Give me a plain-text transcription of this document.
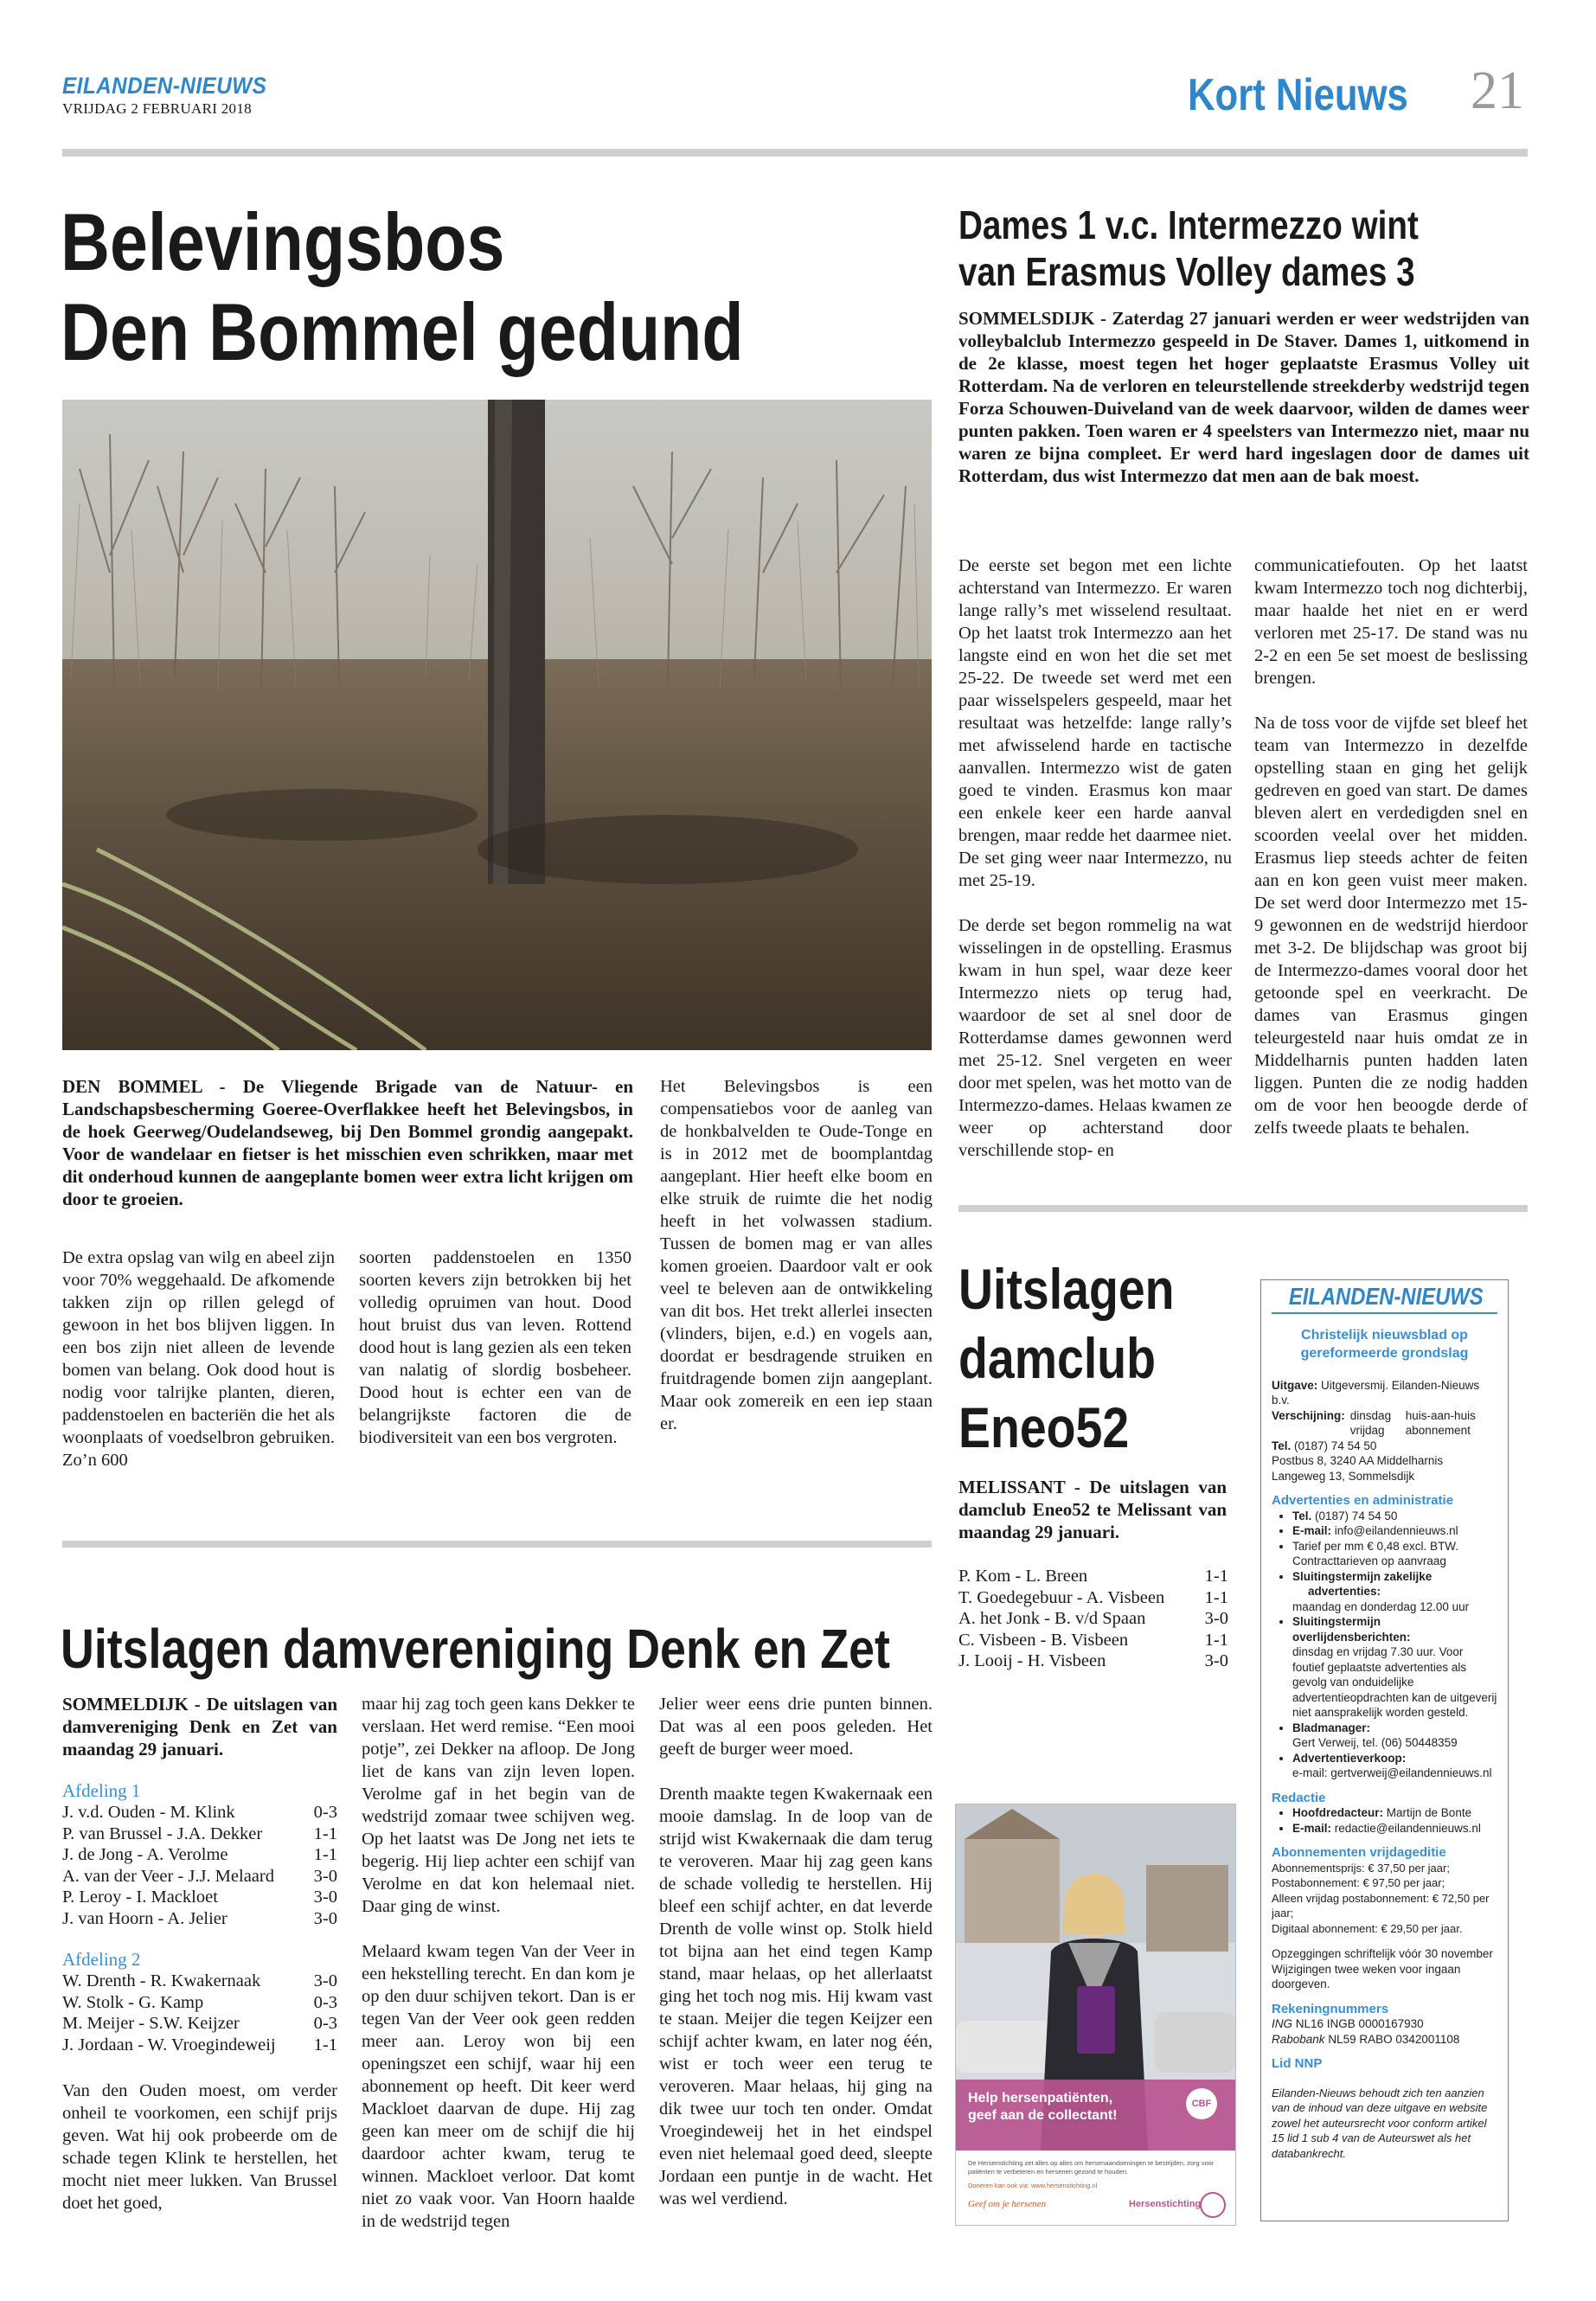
EILANDEN-NIEUWS
VRIJDAG 2 FEBRUARI 2018	Kort Nieuws	21
Belevingsbos
Den Bommel gedund

DEN BOMMEL - De Vliegende Brigade van de Natuur- en Landschapsbescherming Goeree-Overflakkee heeft het Belevingsbos, in de hoek Geerweg/Oudelandseweg, bij Den Bommel grondig aangepakt. Voor de wandelaar en fietser is het misschien even schrikken, maar met dit onderhoud kunnen de aangeplante bomen weer extra licht krijgen om door te groeien.

De extra opslag van wilg en abeel zijn voor 70% weggehaald. De afkomende takken zijn op rillen gelegd of gewoon in het bos blijven liggen. In een bos zijn niet alleen de levende bomen van belang. Ook dood hout is nodig voor talrijke planten, dieren, paddenstoelen en bacteriën die het als woonplaats of voedselbron gebruiken. Zo’n 600
soorten paddenstoelen en 1350 soorten kevers zijn betrokken bij het volledig opruimen van hout. Dood hout bruist dus van leven. Rottend dood hout is lang gezien als een teken van nalatig of slordig bosbeheer. Dood hout is echter een van de belangrijkste factoren die de biodiversiteit van een bos vergroten.
Het Belevingsbos is een compensatiebos voor de aanleg van de honkbalvelden te Oude-Tonge en is in 2012 met de boomplantdag aangeplant. Hier heeft elke boom en elke struik de ruimte die het nodig heeft in het volwassen stadium. Tussen de bomen mag er van alles komen groeien. Daardoor valt er ook veel te beleven aan de ontwikkeling van dit bos. Het trekt allerlei insecten (vlinders, bijen, e.d.) en vogels aan, doordat er besdragende struiken en fruitdragende bomen zijn aangeplant. Maar ook zomereik en een iep staan er.
Dames 1 v.c. Intermezzo wint
van Erasmus Volley dames 3

SOMMELSDIJK - Zaterdag 27 januari werden er weer wedstrijden van volleybalclub Intermezzo gespeeld in De Staver. Dames 1, uitkomend in de 2e klasse, moest tegen het hoger geplaatste Erasmus Volley uit Rotterdam. Na de verloren en teleurstellende streekderby wedstrijd tegen Forza Schouwen-Duiveland van de week daarvoor, wilden de dames weer punten pakken. Toen waren er 4 speelsters van Intermezzo niet, maar nu waren ze bijna compleet. Er werd hard ingeslagen door de dames uit Rotterdam, dus wist Intermezzo dat men aan de bak moest.

De eerste set begon met een lichte achterstand van Intermezzo. Er waren lange rally’s met wisselend resultaat. Op het laatst trok Intermezzo aan het langste eind en won het die set met 25-22. De tweede set werd met een paar wisselspelers gespeeld, maar het resultaat was hetzelfde: lange rally’s met afwisselend harde en tactische aanvallen. Intermezzo wist de gaten goed te vinden. Erasmus kon maar een enkele keer een harde aanval brengen, maar redde het daarmee niet. De set ging weer naar Intermezzo, nu met 25-19.

De derde set begon rommelig na wat wisselingen in de opstelling. Erasmus kwam in hun spel, waar deze keer Intermezzo niets op terug had, waardoor de set al snel door de Rotterdamse dames gewonnen werd met 25-12. Snel vergeten en weer door met spelen, was het motto van de Intermezzo-dames. Helaas kwamen ze weer op achterstand door verschillende stop- en

communicatiefouten. Op het laatst kwam Intermezzo toch nog dichterbij, maar haalde het niet en er werd verloren met 25-17. De stand was nu 2-2 en een 5e set moest de beslissing brengen.

Na de toss voor de vijfde set bleef het team van Intermezzo in dezelfde opstelling staan en ging het gelijk gedreven en goed van start. De dames bleven alert en verdedigden snel en scoorden veelal over het midden. Erasmus liep steeds achter de feiten aan en kon geen vuist meer maken. De set werd door Intermezzo met 15-9 gewonnen en de wedstrijd hierdoor met 3-2. De blijdschap was groot bij de Intermezzo-dames vooral door het getoonde spel en veerkracht. De dames van Erasmus gingen teleurgesteld naar huis omdat ze in Middelharnis punten hadden laten liggen. Punten die ze nodig hadden om de voor hen beoogde derde of zelfs tweede plaats te behalen.

Uitslagen
damclub
Eneo52

MELISSANT - De uitslagen van damclub Eneo52 te Melissant van maandag 29 januari.

P. Kom - L. Breen	1-1
T. Goedegebuur - A. Visbeen 1-1
A. het Jonk - B. v/d Spaan	3-0
C. Visbeen - B. Visbeen	1-1
J. Looij - H. Visbeen	3-0
Help hersenpatiënten,
geef aan de collectant!
CBF
De Hersenstichting zet alles op alles om hersenaandoeningen te bestrijden, zorg voor patiënten te verbeteren en hersenen gezond te houden.
Doneren kan ook via: www.hersenstichting.nl
Geef om je hersenen	Hersenstichting
EILANDEN-NIEUWS
Christelijk nieuwsblad op
gereformeerde grondslag
Uitgave: Uitgeversmij. Eilanden-Nieuws b.v.
Verschijning: dinsdag huis-aan-huis
vrijdag abonnement
Tel. (0187) 74 54 50
Postbus 8, 3240 AA Middelharnis
Langeweg 13, Sommelsdijk
Advertenties en administratie
• Tel. (0187) 74 54 50
• E-mail: info@eilandennieuws.nl
• Tarief per mm € 0,48 excl. BTW.
Contracttarieven op aanvraag
• Sluitingstermijn zakelijke
advertenties:
maandag en donderdag 12.00 uur
• Sluitingstermijn overlijdensberichten:
dinsdag en vrijdag 7.30 uur. Voor foutief geplaatste advertenties als gevolg van onduidelijke advertentieopdrachten kan de uitgeverij niet aansprakelijk worden gesteld.
• Bladmanager:
Gert Verweij, tel. (06) 50448359
• Advertentieverkoop:
e-mail: gertverweij@eilandennieuws.nl
Redactie
• Hoofdredacteur: Martijn de Bonte
• E-mail: redactie@eilandennieuws.nl
Abonnementen vrijdageditie
Abonnementsprijs: € 37,50 per jaar;
Postabonnement: € 97,50 per jaar;
Alleen vrijdag postabonnement: € 72,50 per jaar;
Digitaal abonnement: € 29,50 per jaar.
Opzeggingen schriftelijk vóór 30 november Wijzigingen twee weken voor ingaan doorgeven.
Rekeningnummers
ING NL16 INGB 0000167930
Rabobank NL59 RABO 0342001108
Lid NNP
Eilanden-Nieuws behoudt zich ten aanzien van de inhoud van deze uitgave en website zowel het auteursrecht voor conform artikel 15 lid 1 sub 4 van de Auteurswet als het databankrecht.
Uitslagen damvereniging Denk en Zet

SOMMELDIJK - De uitslagen van damvereniging Denk en Zet van maandag 29 januari.

Afdeling 1
J. v.d. Ouden - M. Klink	0-3
P. van Brussel - J.A. Dekker	1-1
J. de Jong - A. Verolme	1-1
A. van der Veer - J.J. Melaard 3-0
P. Leroy - I. Mackloet	3-0
J. van Hoorn - A. Jelier	3-0
Afdeling 2
W. Drenth - R. Kwakernaak	3-0
W. Stolk - G. Kamp	0-3
M. Meijer - S.W. Keijzer	0-3
J. Jordaan - W. Vroegindeweij 1-1

Van den Ouden moest, om verder onheil te voorkomen, een schijf prijs geven. Wat hij ook probeerde om de schade tegen Klink te herstellen, het mocht niet meer lukken. Van Brussel doet het goed,

maar hij zag toch geen kans Dekker te verslaan. Het werd remise. “Een mooi potje”, zei Dekker na afloop. De Jong liet de kans van zijn leven lopen. Verolme gaf in het begin van de wedstrijd zomaar twee schijven weg. Op het laatst was De Jong net iets te begerig. Hij liep achter een schijf van Verolme en dat kon helemaal niet. Daar ging de winst.

Melaard kwam tegen Van der Veer in een hekstelling terecht. En dan kom je op den duur schijven tekort. Dan is er tegen Van der Veer ook geen redden meer aan. Leroy won bij een openingszet een schijf, waar hij een abonnement op heeft. Dit keer werd Mackloet daarvan de dupe. Hij zag geen kan meer om de schijf die hij daardoor achter kwam, terug te winnen. Mackloet verloor. Dat komt niet zo vaak voor. Van Hoorn haalde in de wedstrijd tegen

Jelier weer eens drie punten binnen. Dat was al een poos geleden. Het geeft de burger weer moed.

Drenth maakte tegen Kwakernaak een mooie damslag. In de loop van de strijd wist Kwakernaak die dam terug te veroveren. Maar hij zag geen kans de schade volledig te herstellen. Hij bleef een schijf achter, en dat leverde Drenth de volle winst op. Stolk hield tot bijna aan het eind tegen Kamp stand, maar helaas, op het allerlaatst ging het toch nog mis. Hij kwam vast te staan. Meijer die tegen Keijzer een schijf achter kwam, en later nog één, wist er toch weer een terug te veroveren. Maar helaas, hij ging na dik twee uur toch ten onder. Omdat Vroegindeweij het in het eindspel even niet helemaal goed deed, sleepte Jordaan een puntje in de wacht. Het was wel verdiend.
